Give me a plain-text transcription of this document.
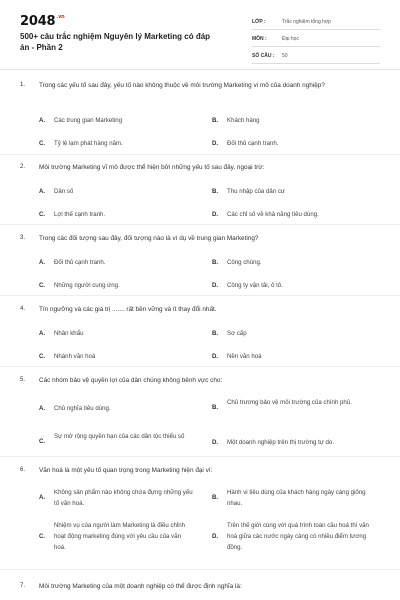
$2048^{.vn}$
500+ câu trắc nghiệm Nguyên lý Marketing có đáp án - Phần 2
LỚP :	Trắc nghiệm tổng hợp
MÔN :	Đại học
SỐ CÂU :	50
1. Trong các yếu tố sau đây, yếu tố nào không thuộc về môi trường Marketing vi mô của doanh nghiệp?
A.	Các trung gian Marketing	B.	Khách hàng
C.	Tỷ lệ lạm phát hàng năm.	D.	Đối thủ cạnh tranh.
2. Môi trường Marketing vĩ mô được thể hiện bởi những yếu tố sau đây, ngoại trừ:
A.	Dân số	B.	Thu nhập của dân cư
C.	Lợi thế cạnh tranh.	D.	Các chỉ số về khả năng tiêu dùng.
3. Trong các đối tượng sau đây, đối tượng nào là ví dụ về trung gian Marketing?
A.	Đối thủ cạnh tranh.	B.	Công chúng.
C.	Những người cung ứng.	D.	Công ty vận tải, ô tô.
4. Tín ngưỡng và các giá trị ....... rất bền vững và ít thay đổi nhất.
A.	Nhân khẩu	B.	Sơ cấp
C.	Nhánh văn hoá	D.	Nền văn hoá
5. Các nhóm bảo vệ quyền lợi của dân chúng không bênh vực cho:
A.	Chủ nghĩa tiêu dùng.	B.
Chủ trương bảo vệ môi trường của chính phủ.
C.
Sự mở rộng quyền hạn của các dân tộc thiểu số
D.	Một doanh nghiệp trên thị trường tự do.
6. Văn hoá là một yếu tố quan trọng trong Marketing hiện đại vì:
A.
Không sản phẩm nào không chứa đựng những yếu tố văn hoá.
B.
Hành vi tiêu dùng của khách hàng ngày càng giống nhau.
C.
Nhiệm vụ của người làm Marketing là điều chỉnh hoạt động marketing đúng với yêu cầu của văn hoá.
D.
Trên thế giới cùng với quá trình toàn cầu hoá thì văn hoá giữa các nước ngày càng có nhiều điểm tương đồng.
7. Môi trường Marketing của một doanh nghiệp có thể được định nghĩa là:
